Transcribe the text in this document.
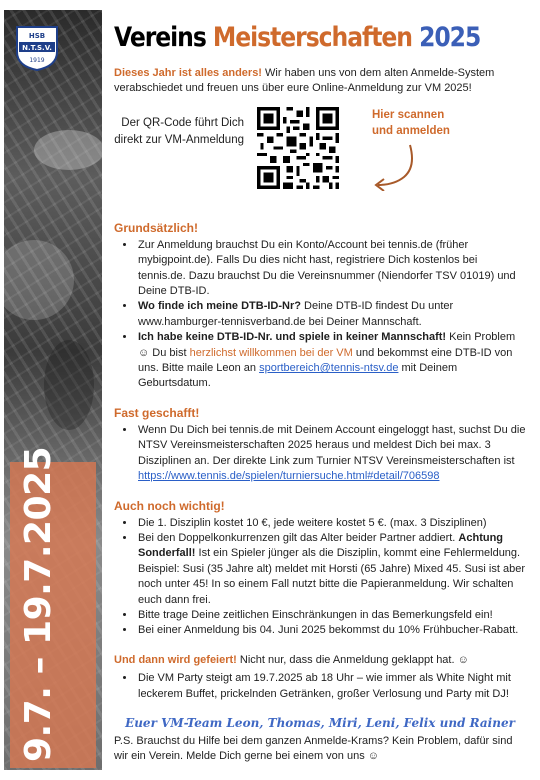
HSB
N.T.S.V.
1919
9.7. – 19.7.2025
Vereins Meisterschaften 2025

Dieses Jahr ist alles anders! Wir haben uns von dem alten Anmelde-System verabschiedet und freuen uns über eure Online-Anmeldung zur VM 2025!

Der QR-Code führt Dich direkt zur VM-Anmeldung
Hier scannen und anmelden
Grundsätzlich!
• Zur Anmeldung brauchst Du ein Konto/Account bei tennis.de (früher mybigpoint.de). Falls Du dies nicht hast, registriere Dich kostenlos bei tennis.de. Dazu brauchst Du die Vereinsnummer (Niendorfer TSV 01019) und Deine DTB-ID.
• Wo finde ich meine DTB-ID-Nr? Deine DTB-ID findest Du unter www.hamburger-tennisverband.de bei Deiner Mannschaft.
• Ich habe keine DTB-ID-Nr. und spiele in keiner Mannschaft! Kein Problem ☺ Du bist herzlichst willkommen bei der VM und bekommst eine DTB-ID von uns. Bitte maile Leon an sportbereich@tennis-ntsv.de mit Deinem Geburtsdatum.
Fast geschafft!
• Wenn Du Dich bei tennis.de mit Deinem Account eingeloggt hast, suchst Du die NTSV Vereinsmeisterschaften 2025 heraus und meldest Dich bei max. 3 Disziplinen an. Der direkte Link zum Turnier NTSV Vereinsmeisterschaften ist https://www.tennis.de/spielen/turniersuche.html#detail/706598
Auch noch wichtig!
• Die 1. Disziplin kostet 10 €, jede weitere kostet 5 €. (max. 3 Disziplinen)
• Bei den Doppelkonkurrenzen gilt das Alter beider Partner addiert. Achtung Sonderfall! Ist ein Spieler jünger als die Disziplin, kommt eine Fehlermeldung. Beispiel: Susi (35 Jahre alt) meldet mit Horsti (65 Jahre) Mixed 45. Susi ist aber noch unter 45! In so einem Fall nutzt bitte die Papieranmeldung. Wir schalten euch dann frei.
• Bitte trage Deine zeitlichen Einschränkungen in das Bemerkungsfeld ein!
• Bei einer Anmeldung bis 04. Juni 2025 bekommst du 10% Frühbucher-Rabatt.

Und dann wird gefeiert! Nicht nur, dass die Anmeldung geklappt hat. ☺

• Die VM Party steigt am 19.7.2025 ab 18 Uhr – wie immer als White Night mit leckerem Buffet, prickelnden Getränken, großer Verlosung und Party mit DJ!
Euer VM-Team Leon, Thomas, Miri, Leni, Felix und Rainer

P.S. Brauchst du Hilfe bei dem ganzen Anmelde-Krams? Kein Problem, dafür sind wir ein Verein. Melde Dich gerne bei einem von uns ☺
